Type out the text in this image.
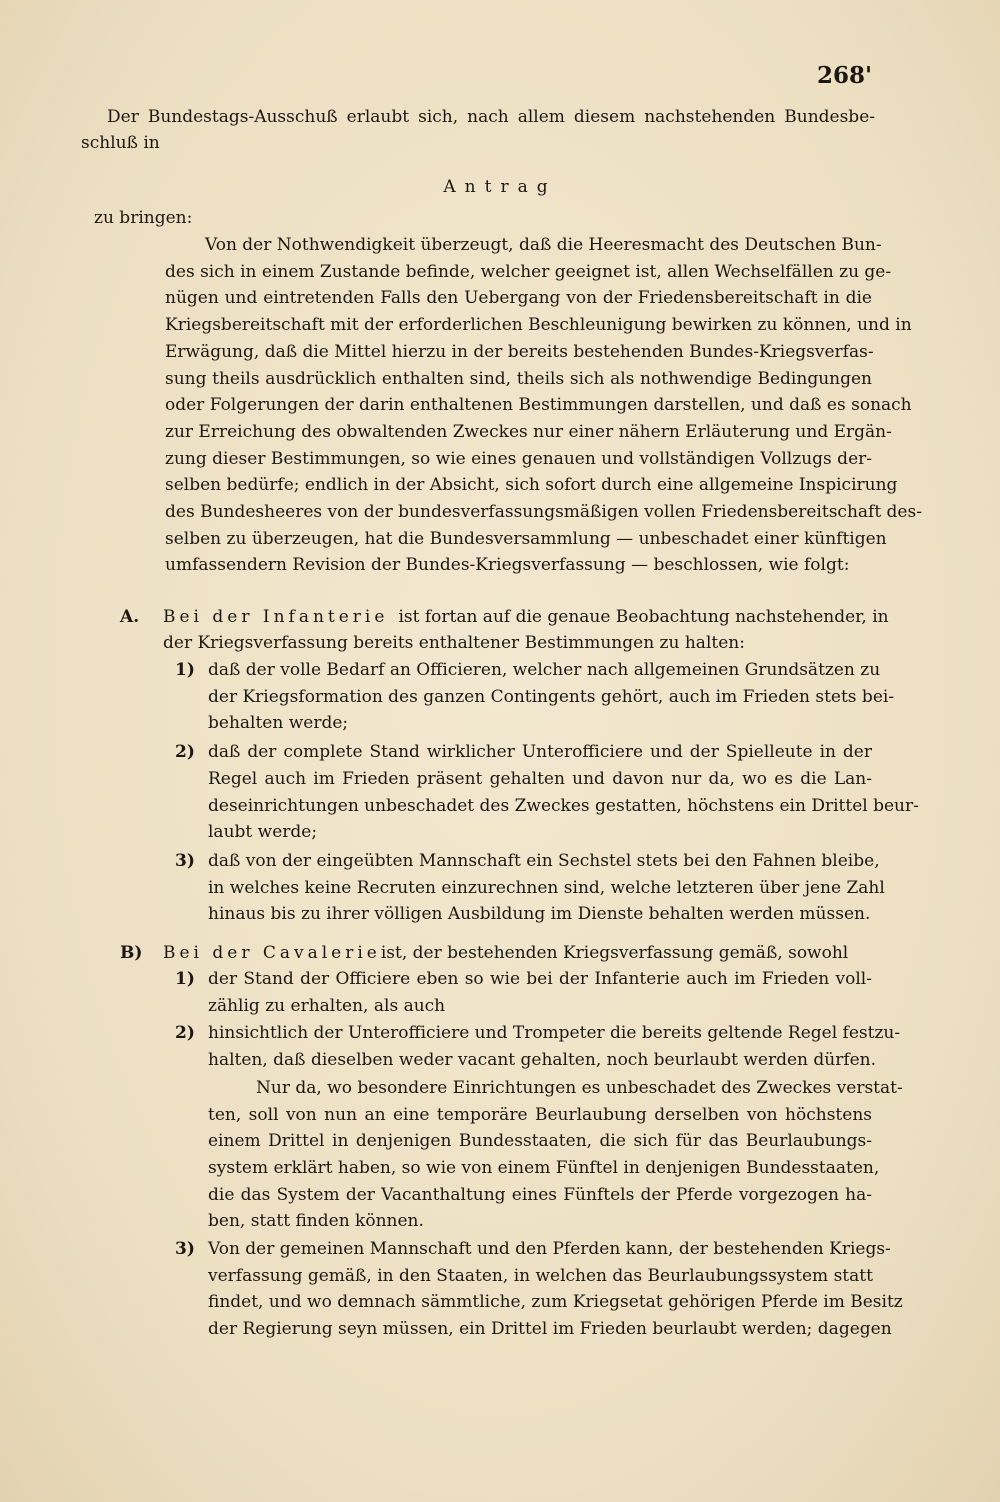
268'
Der Bundestags-Ausschuß erlaubt sich, nach allem diesem nachstehenden Bundesbe-
schluß in
Antrag
zu bringen:
Von der Nothwendigkeit überzeugt, daß die Heeresmacht des Deutschen Bun-
des sich in einem Zustande befinde, welcher geeignet ist, allen Wechselfällen zu ge-
nügen und eintretenden Falls den Uebergang von der Friedensbereitschaft in die
Kriegsbereitschaft mit der erforderlichen Beschleunigung bewirken zu können, und in
Erwägung, daß die Mittel hierzu in der bereits bestehenden Bundes-Kriegsverfas-
sung theils ausdrücklich enthalten sind, theils sich als nothwendige Bedingungen
oder Folgerungen der darin enthaltenen Bestimmungen darstellen, und daß es sonach
zur Erreichung des obwaltenden Zweckes nur einer nähern Erläuterung und Ergän-
zung dieser Bestimmungen, so wie eines genauen und vollständigen Vollzugs der-
selben bedürfe; endlich in der Absicht, sich sofort durch eine allgemeine Inspicirung
des Bundesheeres von der bundesverfassungsmäßigen vollen Friedensbereitschaft des-
selben zu überzeugen, hat die Bundesversammlung — unbeschadet einer künftigen
umfassendern Revision der Bundes-Kriegsverfassung — beschlossen, wie folgt:
A. Bei der Infanterie ist fortan auf die genaue Beobachtung nachstehender, in
der Kriegsverfassung bereits enthaltener Bestimmungen zu halten:
1) daß der volle Bedarf an Officieren, welcher nach allgemeinen Grundsätzen zu
der Kriegsformation des ganzen Contingents gehört, auch im Frieden stets bei-
behalten werde;
2) daß der complete Stand wirklicher Unterofficiere und der Spielleute in der
Regel auch im Frieden präsent gehalten und davon nur da, wo es die Lan-
deseinrichtungen unbeschadet des Zweckes gestatten, höchstens ein Drittel beur-
laubt werde;
3) daß von der eingeübten Mannschaft ein Sechstel stets bei den Fahnen bleibe,
in welches keine Recruten einzurechnen sind, welche letzteren über jene Zahl
hinaus bis zu ihrer völligen Ausbildung im Dienste behalten werden müssen.
B) Bei der Cavalerieist, der bestehenden Kriegsverfassung gemäß, sowohl
1) der Stand der Officiere eben so wie bei der Infanterie auch im Frieden voll-
zählig zu erhalten, als auch
2) hinsichtlich der Unterofficiere und Trompeter die bereits geltende Regel festzu-
halten, daß dieselben weder vacant gehalten, noch beurlaubt werden dürfen.
Nur da, wo besondere Einrichtungen es unbeschadet des Zweckes verstat-
ten, soll von nun an eine temporäre Beurlaubung derselben von höchstens
einem Drittel in denjenigen Bundesstaaten, die sich für das Beurlaubungs-
system erklärt haben, so wie von einem Fünftel in denjenigen Bundesstaaten,
die das System der Vacanthaltung eines Fünftels der Pferde vorgezogen ha-
ben, statt finden können.
3) Von der gemeinen Mannschaft und den Pferden kann, der bestehenden Kriegs-
verfassung gemäß, in den Staaten, in welchen das Beurlaubungssystem statt
findet, und wo demnach sämmtliche, zum Kriegsetat gehörigen Pferde im Besitz
der Regierung seyn müssen, ein Drittel im Frieden beurlaubt werden; dagegen
